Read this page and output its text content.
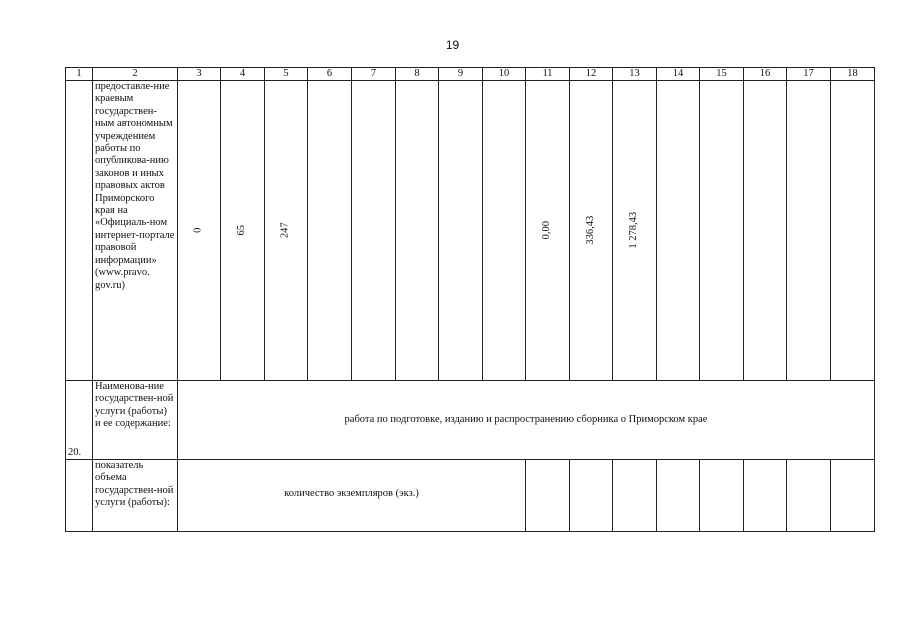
19
1	2	3	4	5	6	7	8	9	10	11	12	13	14	15	16	17	18
	предоставле-ние краевым государствен-ным автономным учреждением работы по опубликова-нию законов и иных правовых актов Приморского края на «Официаль-ном интернет-портале правовой информации» (www.pravo. gov.ru)	0	65	247						0,00	336,43	1 278,43					
20.	Наименова-ние государствен-ной услуги (работы) и ее содержание:	работа по подготовке, изданию и распространению сборника о Приморском крае															
	показатель объема государствен-ной услуги (работы):	количество экземпляров (экз.)															
